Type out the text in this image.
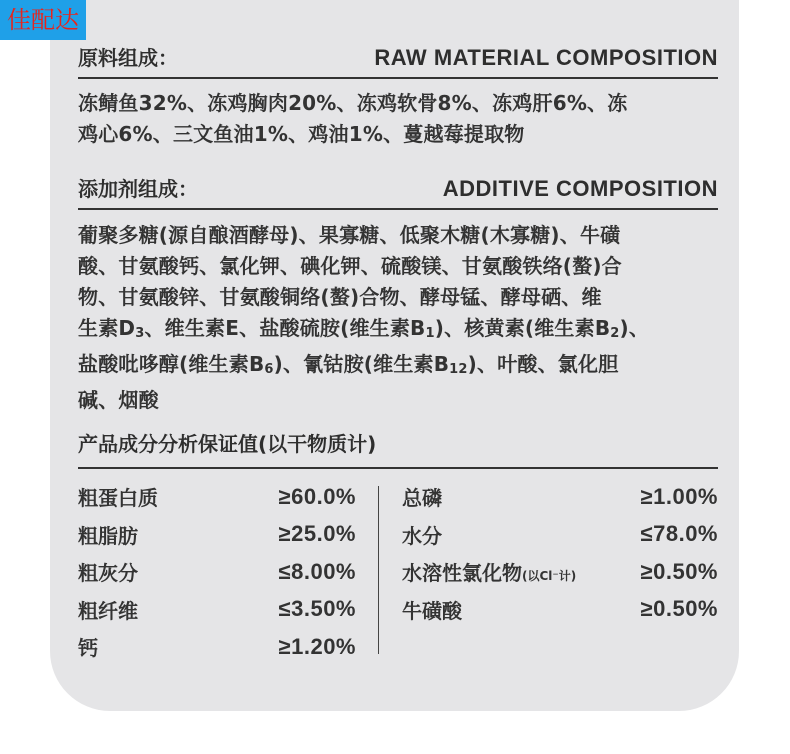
佳配达
原料组成：	RAW MATERIAL COMPOSITION
冻鲭鱼32%、冻鸡胸肉20%、冻鸡软骨8%、冻鸡肝6%、冻
鸡心6%、三文鱼油1%、鸡油1%、蔓越莓提取物
添加剂组成：	ADDITIVE COMPOSITION
葡聚多糖(源自酿酒酵母)、果寡糖、低聚木糖(木寡糖)、牛磺
酸、甘氨酸钙、氯化钾、碘化钾、硫酸镁、甘氨酸铁络(螯)合
物、甘氨酸锌、甘氨酸铜络(螯)合物、酵母锰、酵母硒、维
生素$D_3$、维生素E、盐酸硫胺(维生素$B_1$)、核黄素(维生素$B_2$)、
盐酸吡哆醇(维生素$B_6$)、氰钴胺(维生素$B_{12}$)、叶酸、氯化胆
碱、烟酸
产品成分分析保证值(以干物质计)
粗蛋白质	≥60.0%
粗脂肪	≥25.0%
粗灰分	≤8.00%
粗纤维	≤3.50%
钙	≥1.20%
总磷	≥1.00%
水分	≤78.0%
水溶性氯化物(以Cl⁻计)	≥0.50%
牛磺酸	≥0.50%
